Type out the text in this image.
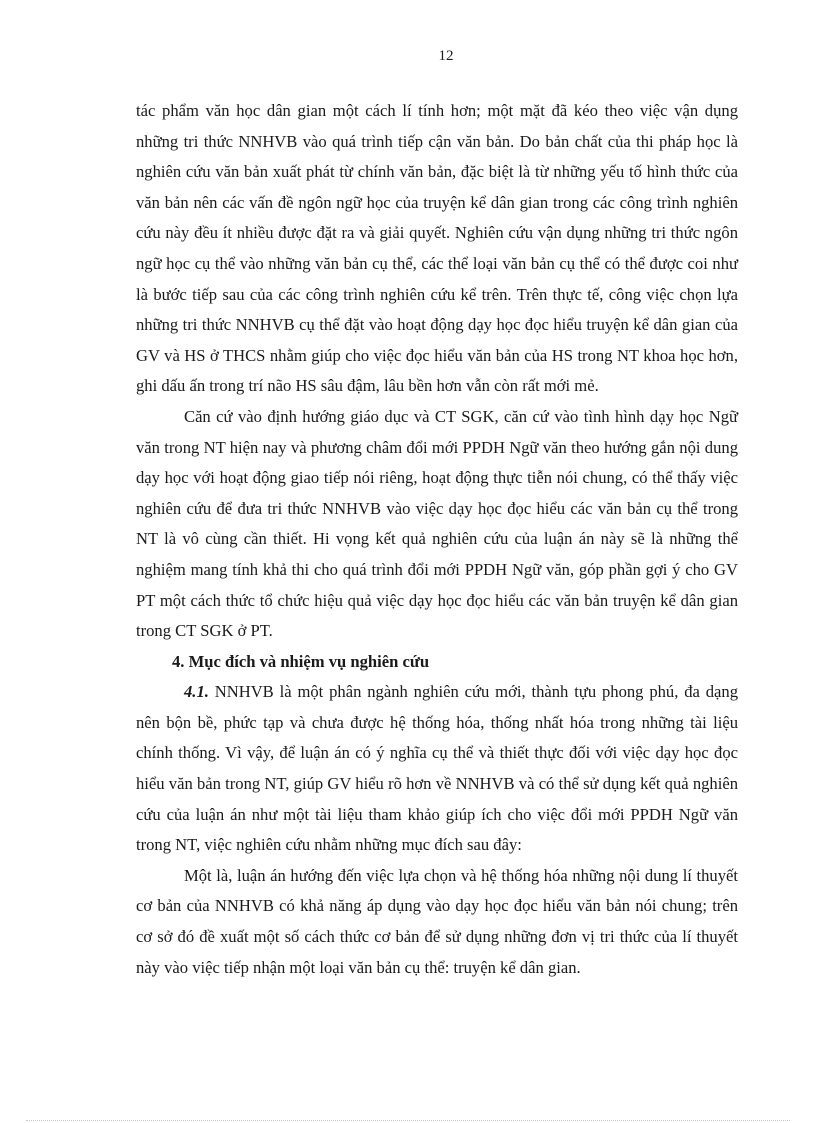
12

tác phẩm văn học dân gian một cách lí tính hơn; một mặt đã kéo theo việc vận dụng những tri thức NNHVB vào quá trình tiếp cận văn bản. Do bản chất của thi pháp học là nghiên cứu văn bản xuất phát từ chính văn bản, đặc biệt là từ những yếu tố hình thức của văn bản nên các vấn đề ngôn ngữ học của truyện kể dân gian trong các công trình nghiên cứu này đều ít nhiều được đặt ra và giải quyết. Nghiên cứu vận dụng những tri thức ngôn ngữ học cụ thể vào những văn bản cụ thể, các thể loại văn bản cụ thể có thể được coi như là bước tiếp sau của các công trình nghiên cứu kể trên. Trên thực tế, công việc chọn lựa những tri thức NNHVB cụ thể đặt vào hoạt động dạy học đọc hiểu truyện kể dân gian của GV và HS ở THCS nhằm giúp cho việc đọc hiểu văn bản của HS trong NT khoa học hơn, ghi dấu ấn trong trí não HS sâu đậm, lâu bền hơn vẫn còn rất mới mẻ.

Căn cứ vào định hướng giáo dục và CT SGK, căn cứ vào tình hình dạy học Ngữ văn trong NT hiện nay và phương châm đổi mới PPDH Ngữ văn theo hướng gắn nội dung dạy học với hoạt động giao tiếp nói riêng, hoạt động thực tiễn nói chung, có thể thấy việc nghiên cứu để đưa tri thức NNHVB vào việc dạy học đọc hiểu các văn bản cụ thể trong NT là vô cùng cần thiết. Hi vọng kết quả nghiên cứu của luận án này sẽ là những thể nghiệm mang tính khả thi cho quá trình đổi mới PPDH Ngữ văn, góp phần gợi ý cho GV PT một cách thức tổ chức hiệu quả việc dạy học đọc hiểu các văn bản truyện kể dân gian trong CT SGK ở PT.

4. Mục đích và nhiệm vụ nghiên cứu

4.1. NNHVB là một phân ngành nghiên cứu mới, thành tựu phong phú, đa dạng nên bộn bề, phức tạp và chưa được hệ thống hóa, thống nhất hóa trong những tài liệu chính thống. Vì vậy, để luận án có ý nghĩa cụ thể và thiết thực đối với việc dạy học đọc hiểu văn bản trong NT, giúp GV hiểu rõ hơn về NNHVB và có thể sử dụng kết quả nghiên cứu của luận án như một tài liệu tham khảo giúp ích cho việc đổi mới PPDH Ngữ văn trong NT, việc nghiên cứu nhằm những mục đích sau đây:

Một là, luận án hướng đến việc lựa chọn và hệ thống hóa những nội dung lí thuyết cơ bản của NNHVB có khả năng áp dụng vào dạy học đọc hiểu văn bản nói chung; trên cơ sở đó đề xuất một số cách thức cơ bản để sử dụng những đơn vị tri thức của lí thuyết này vào việc tiếp nhận một loại văn bản cụ thể: truyện kể dân gian.
